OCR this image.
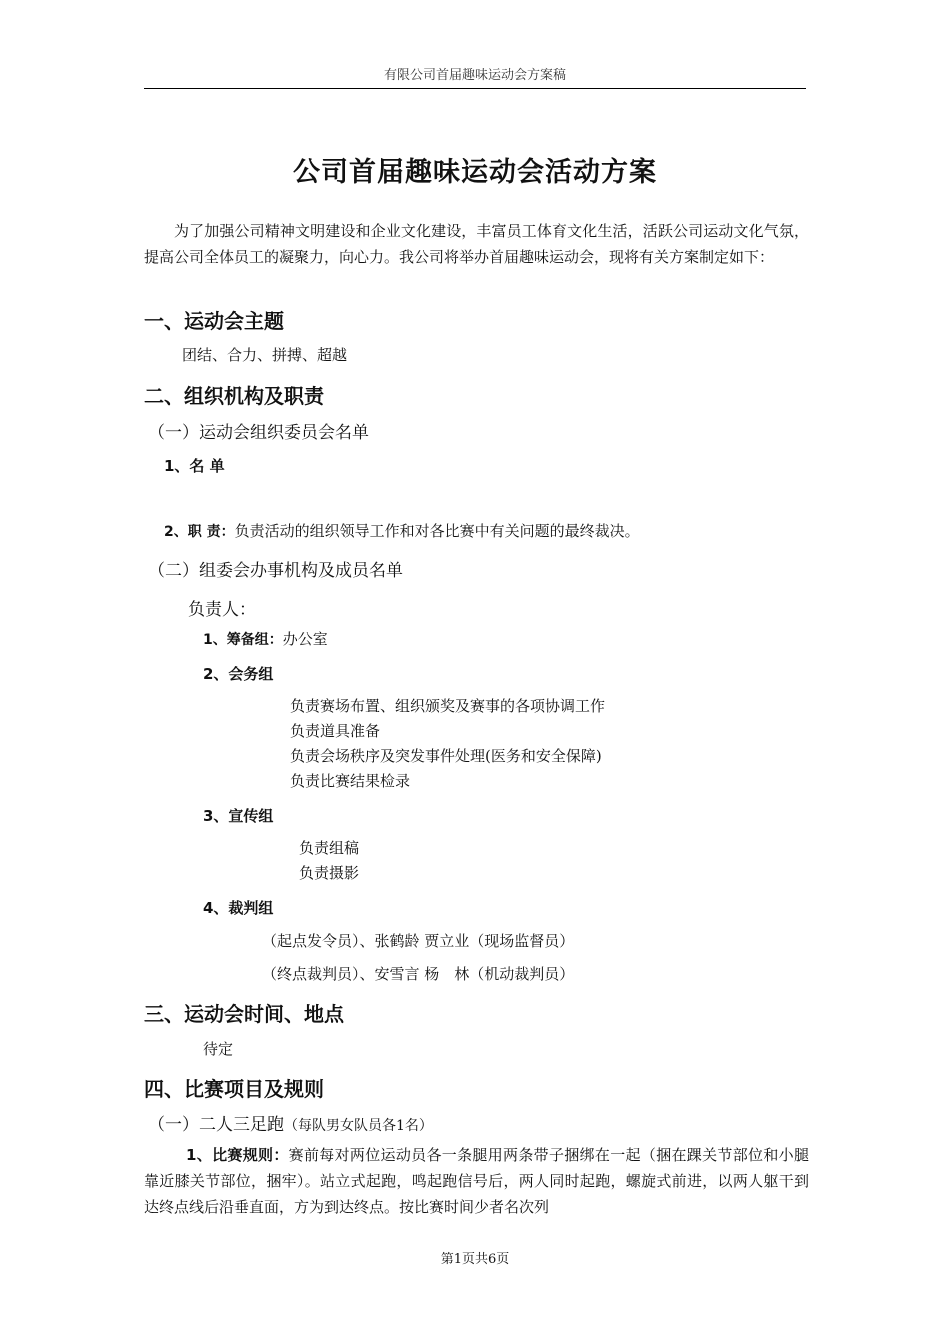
有限公司首届趣味运动会方案稿
公司首届趣味运动会活动方案
为了加强公司精神文明建设和企业文化建设，丰富员工体育文化生活，活跃公司运动文化气氛，提高公司全体员工的凝聚力，向心力。我公司将举办首届趣味运动会，现将有关方案制定如下：
一、运动会主题
团结、合力、拼搏、超越
二、组织机构及职责
（一）运动会组织委员会名单
1、名 单
2、职 责：负责活动的组织领导工作和对各比赛中有关问题的最终裁决。
（二）组委会办事机构及成员名单
负责人：
1、筹备组：办公室
2、会务组
负责赛场布置、组织颁奖及赛事的各项协调工作
负责道具准备
负责会场秩序及突发事件处理(医务和安全保障)
负责比赛结果检录
3、宣传组
负责组稿
负责摄影
4、裁判组
（起点发令员）、张鹤龄 贾立业（现场监督员）
（终点裁判员）、安雪言 杨　林（机动裁判员）
三、运动会时间、地点
待定
四、比赛项目及规则
（一）二人三足跑（每队男女队员各1名）
1、比赛规则：赛前每对两位运动员各一条腿用两条带子捆绑在一起（捆在踝关节部位和小腿靠近膝关节部位，捆牢）。站立式起跑，鸣起跑信号后，两人同时起跑，螺旋式前进，以两人躯干到达终点线后沿垂直面，方为到达终点。按比赛时间少者名次列
第1页共6页
